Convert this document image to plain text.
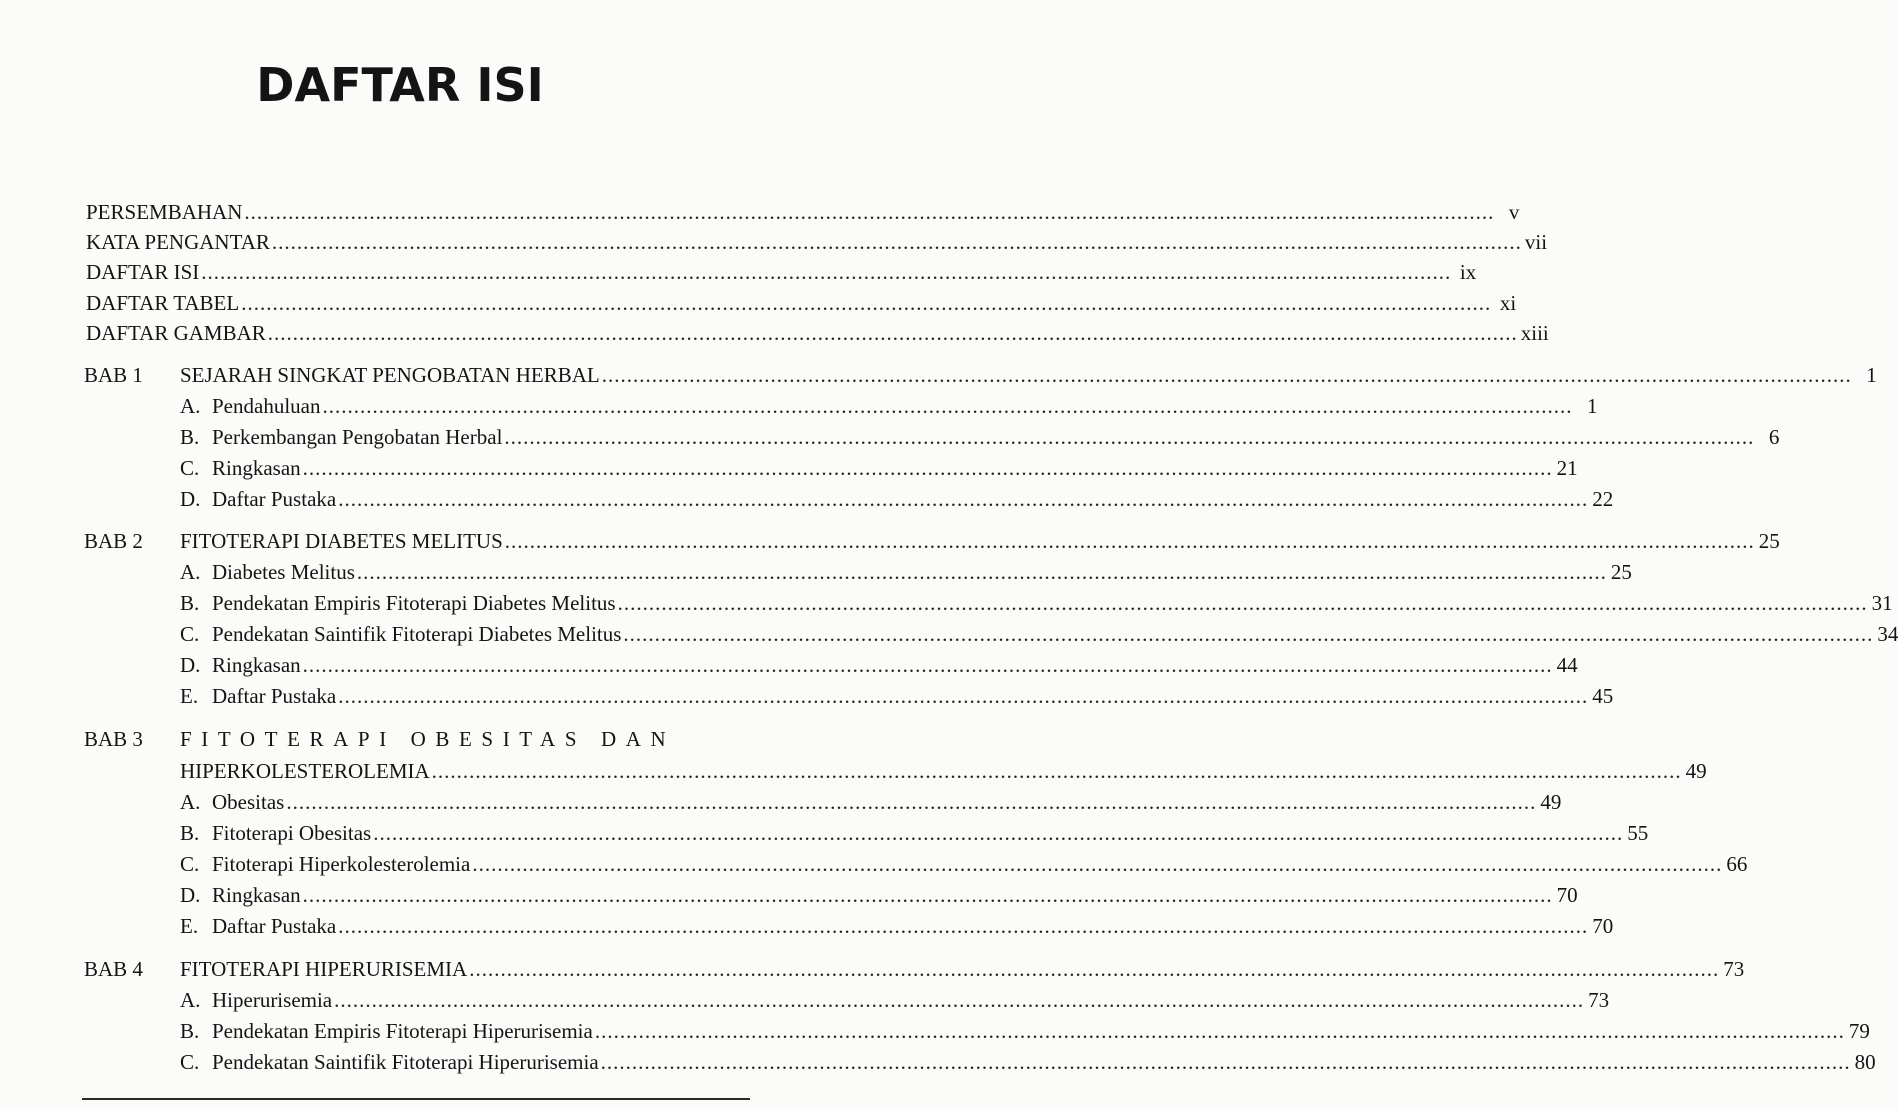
DAFTAR ISI
PERSEMBAHAN ........................................................................................................................................................................................................ v
KATA PENGANTAR ........................................................................................................................................................................................................ vii
DAFTAR ISI ........................................................................................................................................................................................................ ix
DAFTAR TABEL ........................................................................................................................................................................................................ xi
DAFTAR GAMBAR ........................................................................................................................................................................................................ xiii
BAB 1 SEJARAH SINGKAT PENGOBATAN HERBAL ........................................................................................................................................................................................................ 1
A. Pendahuluan ........................................................................................................................................................................................................ 1
B. Perkembangan Pengobatan Herbal ........................................................................................................................................................................................................ 6
C. Ringkasan ........................................................................................................................................................................................................ 21
D. Daftar Pustaka ........................................................................................................................................................................................................ 22
BAB 2 FITOTERAPI DIABETES MELITUS ........................................................................................................................................................................................................ 25
A. Diabetes Melitus ........................................................................................................................................................................................................ 25
B. Pendekatan Empiris Fitoterapi Diabetes Melitus ........................................................................................................................................................................................................ 31
C. Pendekatan Saintifik Fitoterapi Diabetes Melitus ........................................................................................................................................................................................................ 34
D. Ringkasan ........................................................................................................................................................................................................ 44
E. Daftar Pustaka ........................................................................................................................................................................................................ 45
BAB 3 FITOTERAPI OBESITAS DAN
HIPERKOLESTEROLEMIA ........................................................................................................................................................................................................ 49
A. Obesitas ........................................................................................................................................................................................................ 49
B. Fitoterapi Obesitas ........................................................................................................................................................................................................ 55
C. Fitoterapi Hiperkolesterolemia ........................................................................................................................................................................................................ 66
D. Ringkasan ........................................................................................................................................................................................................ 70
E. Daftar Pustaka ........................................................................................................................................................................................................ 70
BAB 4 FITOTERAPI HIPERURISEMIA ........................................................................................................................................................................................................ 73
A. Hiperurisemia ........................................................................................................................................................................................................ 73
B. Pendekatan Empiris Fitoterapi Hiperurisemia ........................................................................................................................................................................................................ 79
C. Pendekatan Saintifik Fitoterapi Hiperurisemia ........................................................................................................................................................................................................ 80
